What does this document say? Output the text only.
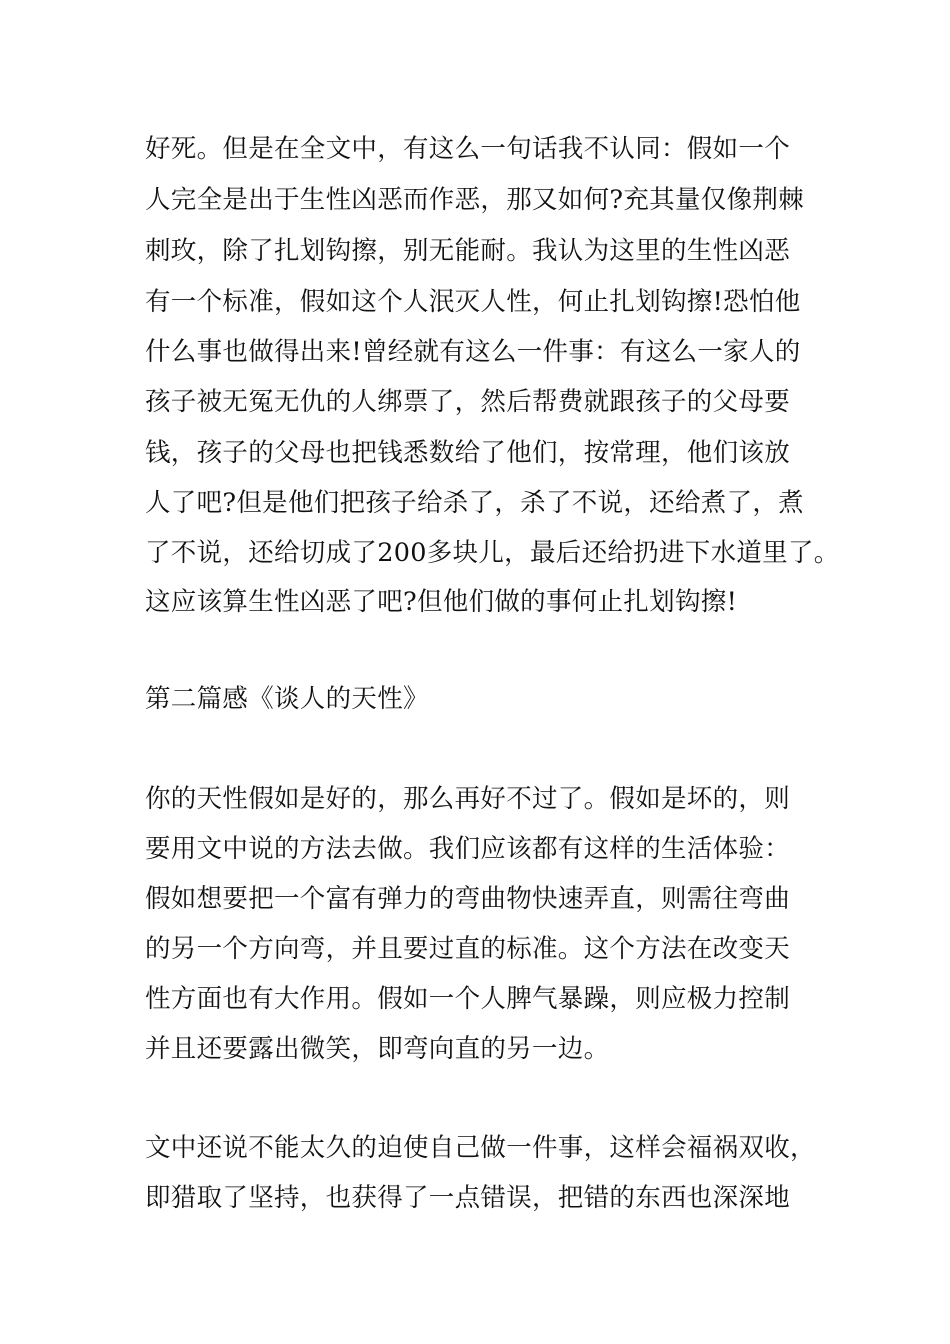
好死。但是在全文中，有这么一句话我不认同：假如一个

人完全是出于生性凶恶而作恶，那又如何?充其量仅像荆棘

刺玫，除了扎划钩擦，别无能耐。我认为这里的生性凶恶

有一个标准，假如这个人泯灭人性，何止扎划钩擦!恐怕他

什么事也做得出来!曾经就有这么一件事：有这么一家人的

孩子被无冤无仇的人绑票了，然后帮费就跟孩子的父母要

钱，孩子的父母也把钱悉数给了他们，按常理，他们该放

人了吧?但是他们把孩子给杀了，杀了不说，还给煮了，煮

了不说，还给切成了200多块儿，最后还给扔进下水道里了。

这应该算生性凶恶了吧?但他们做的事何止扎划钩擦!

第二篇感《谈人的天性》

你的天性假如是好的，那么再好不过了。假如是坏的，则

要用文中说的方法去做。我们应该都有这样的生活体验：

假如想要把一个富有弹力的弯曲物快速弄直，则需往弯曲

的另一个方向弯，并且要过直的标准。这个方法在改变天

性方面也有大作用。假如一个人脾气暴躁，则应极力控制

并且还要露出微笑，即弯向直的另一边。

文中还说不能太久的迫使自己做一件事，这样会福祸双收，

即猎取了坚持，也获得了一点错误，把错的东西也深深地
